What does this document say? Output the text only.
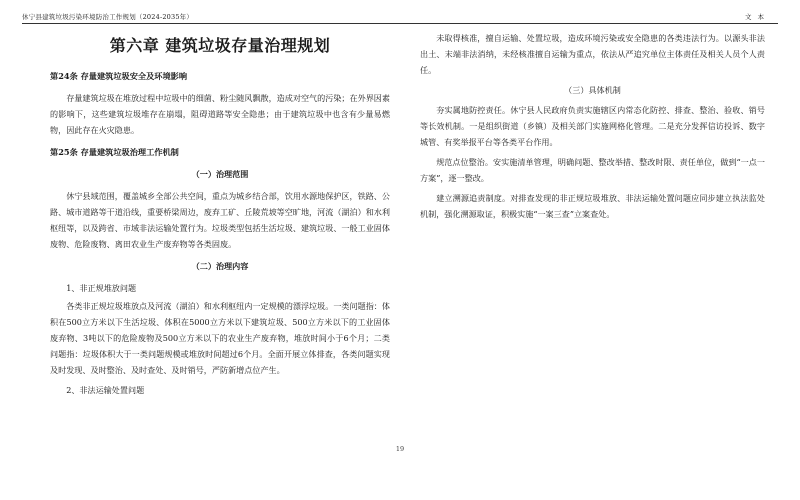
休宁县建筑垃圾污染环境防治工作规划（2024-2035年）	文本
第六章 建筑垃圾存量治理规划
第24条 存量建筑垃圾安全及环境影响

存量建筑垃圾在堆放过程中垃圾中的细菌、粉尘随风飘散，造成对空气的污染；在外界因素的影响下，这些建筑垃圾堆存在崩塌，阻碍道路等安全隐患；由于建筑垃圾中也含有少量易燃物，因此存在火灾隐患。

第25条 存量建筑垃圾治理工作机制
（一）治理范围

休宁县域范围，覆盖城乡全部公共空间，重点为城乡结合部，饮用水源地保护区，铁路、公路、城市道路等干道沿线，重要桥梁周边，废弃工矿、丘陵荒坡等空旷地，河流（湖泊）和水利枢纽等，以及跨省、市域非法运输处置行为。垃圾类型包括生活垃圾、建筑垃圾、一般工业固体废物、危险废物、离田农业生产废弃物等各类固废。

（二）治理内容
1、非正规堆放问题

各类非正规垃圾堆放点及河流（湖泊）和水利枢纽内一定规模的漂浮垃圾。一类问题指：体积在500立方米以下生活垃圾、体积在5000立方米以下建筑垃圾、500立方米以下的工业固体废弃物、3吨以下的危险废物及500立方米以下的农业生产废弃物，堆放时间小于6个月；二类问题指：垃圾体积大于一类问题规模或堆放时间超过6个月。全面开展立体排查，各类问题实现及时发现、及时整治、及时查处、及时销号，严防新增点位产生。

2、非法运输处置问题

未取得核准，擅自运输、处置垃圾，造成环境污染或安全隐患的各类违法行为。以源头非法出土、末端非法消纳，未经核准擅自运输为重点，依法从严追究单位主体责任及相关人员个人责任。

（三）具体机制

夯实属地防控责任。休宁县人民政府负责实施辖区内常态化防控、排查、整治、验收、销号等长效机制。一是组织街道（乡镇）及相关部门实施网格化管理。二是充分发挥信访投诉、数字城管、有奖举报平台等各类平台作用。

规范点位整治。安实施清单管理，明确问题、整改举措、整改时限、责任单位，做到“一点一方案”，逐一整改。

建立溯源追责制度。对排查发现的非正规垃圾堆放、非法运输处置问题应同步建立执法监处机制，强化溯源取证，积极实施“一案三查”立案查处。

19
